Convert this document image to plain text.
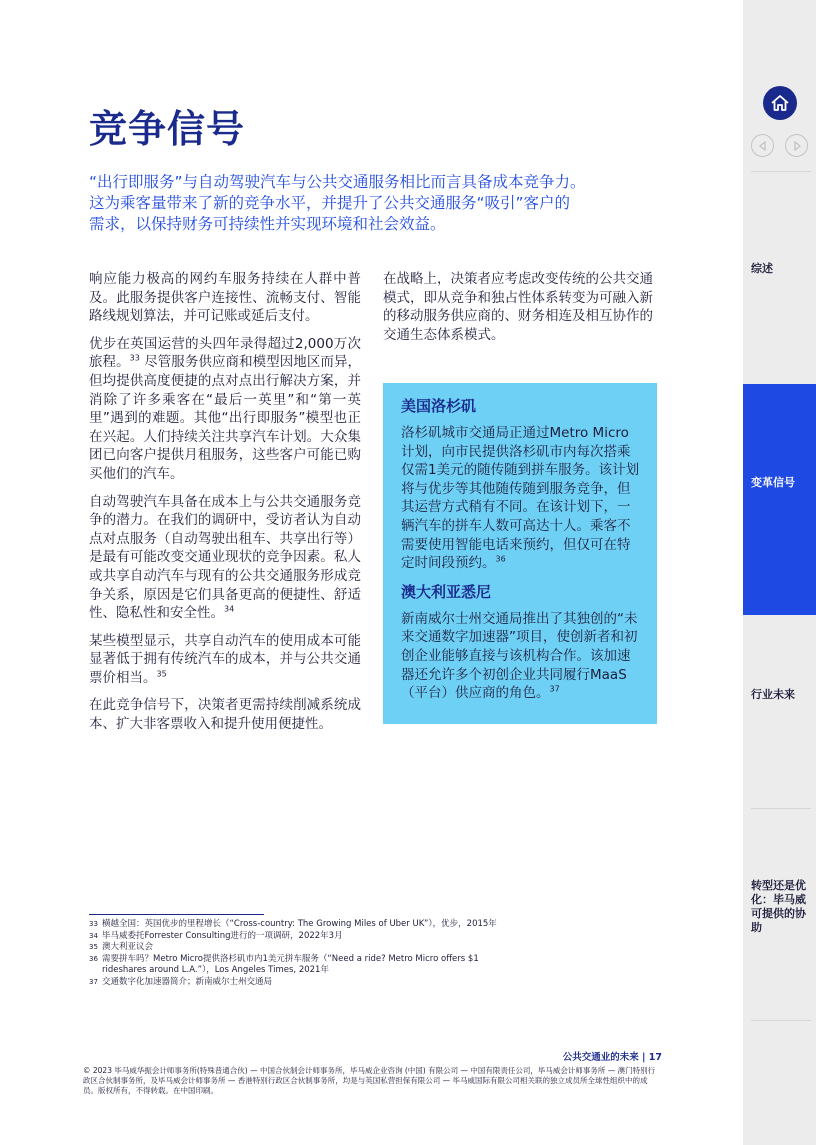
竞争信号

“出行即服务”与自动驾驶汽车与公共交通服务相比而言具备成本竞争力。

这为乘客量带来了新的竞争水平，并提升了公共交通服务“吸引”客户的

需求，以保持财务可持续性并实现环境和社会效益。

响应能力极高的网约车服务持续在人群中普及。此服务提供客户连接性、流畅支付、智能路线规划算法，并可记账或延后支付。

优步在英国运营的头四年录得超过2,000万次旅程。$^{33}$ 尽管服务供应商和模型因地区而异，但均提供高度便捷的点对点出行解决方案，并消除了许多乘客在“最后一英里”和“第一英里”遇到的难题。其他“出行即服务”模型也正在兴起。人们持续关注共享汽车计划。大众集团已向客户提供月租服务，这些客户可能已购买他们的汽车。

自动驾驶汽车具备在成本上与公共交通服务竞争的潜力。在我们的调研中，受访者认为自动点对点服务（自动驾驶出租车、共享出行等）是最有可能改变交通业现状的竞争因素。私人或共享自动汽车与现有的公共交通服务形成竞争关系，原因是它们具备更高的便捷性、舒适性、隐私性和安全性。$^{34}$

某些模型显示，共享自动汽车的使用成本可能显著低于拥有传统汽车的成本，并与公共交通票价相当。$^{35}$

在此竞争信号下，决策者更需持续削减系统成本、扩大非客票收入和提升使用便捷性。

在战略上，决策者应考虑改变传统的公共交通模式，即从竞争和独占性体系转变为可融入新的移动服务供应商的、财务相连及相互协作的交通生态体系模式。

美国洛杉矶

洛杉矶城市交通局正通过Metro Micro计划，向市民提供洛杉矶市内每次搭乘仅需1美元的随传随到拼车服务。该计划将与优步等其他随传随到服务竞争，但其运营方式稍有不同。在该计划下，一辆汽车的拼车人数可高达十人。乘客不需要使用智能电话来预约，但仅可在特定时间段预约。$^{36}$

澳大利亚悉尼

新南威尔士州交通局推出了其独创的“未来交通数字加速器”项目，使创新者和初创企业能够直接与该机构合作。该加速器还允许多个初创企业共同履行MaaS（平台）供应商的角色。$^{37}$

33 横越全国：英国优步的里程增长（“Cross-country: The Growing Miles of Uber UK”），优步，2015年
34 毕马威委托Forrester Consulting进行的一项调研，2022年3月
35 澳大利亚议会
36 需要拼车吗？Metro Micro提供洛杉矶市内1美元拼车服务（“Need a ride? Metro Micro offers $1 rideshares around L.A.”），Los Angeles Times, 2021年
37 交通数字化加速器简介；新南威尔士州交通局
公共交通业的未来 | 17
© 2023 毕马威华振会计师事务所(特殊普通合伙) — 中国合伙制会计师事务所，毕马威企业咨询 (中国) 有限公司 — 中国有限责任公司，毕马威会计师事务所 — 澳门特别行政区合伙制事务所，及毕马威会计师事务所 — 香港特别行政区合伙制事务所，均是与英国私营担保有限公司 — 毕马威国际有限公司相关联的独立成员所全球性组织中的成员。版权所有，不得转载。在中国印刷。
综述
变革信号
行业未来
转型还是优化：毕马威可提供的协助
